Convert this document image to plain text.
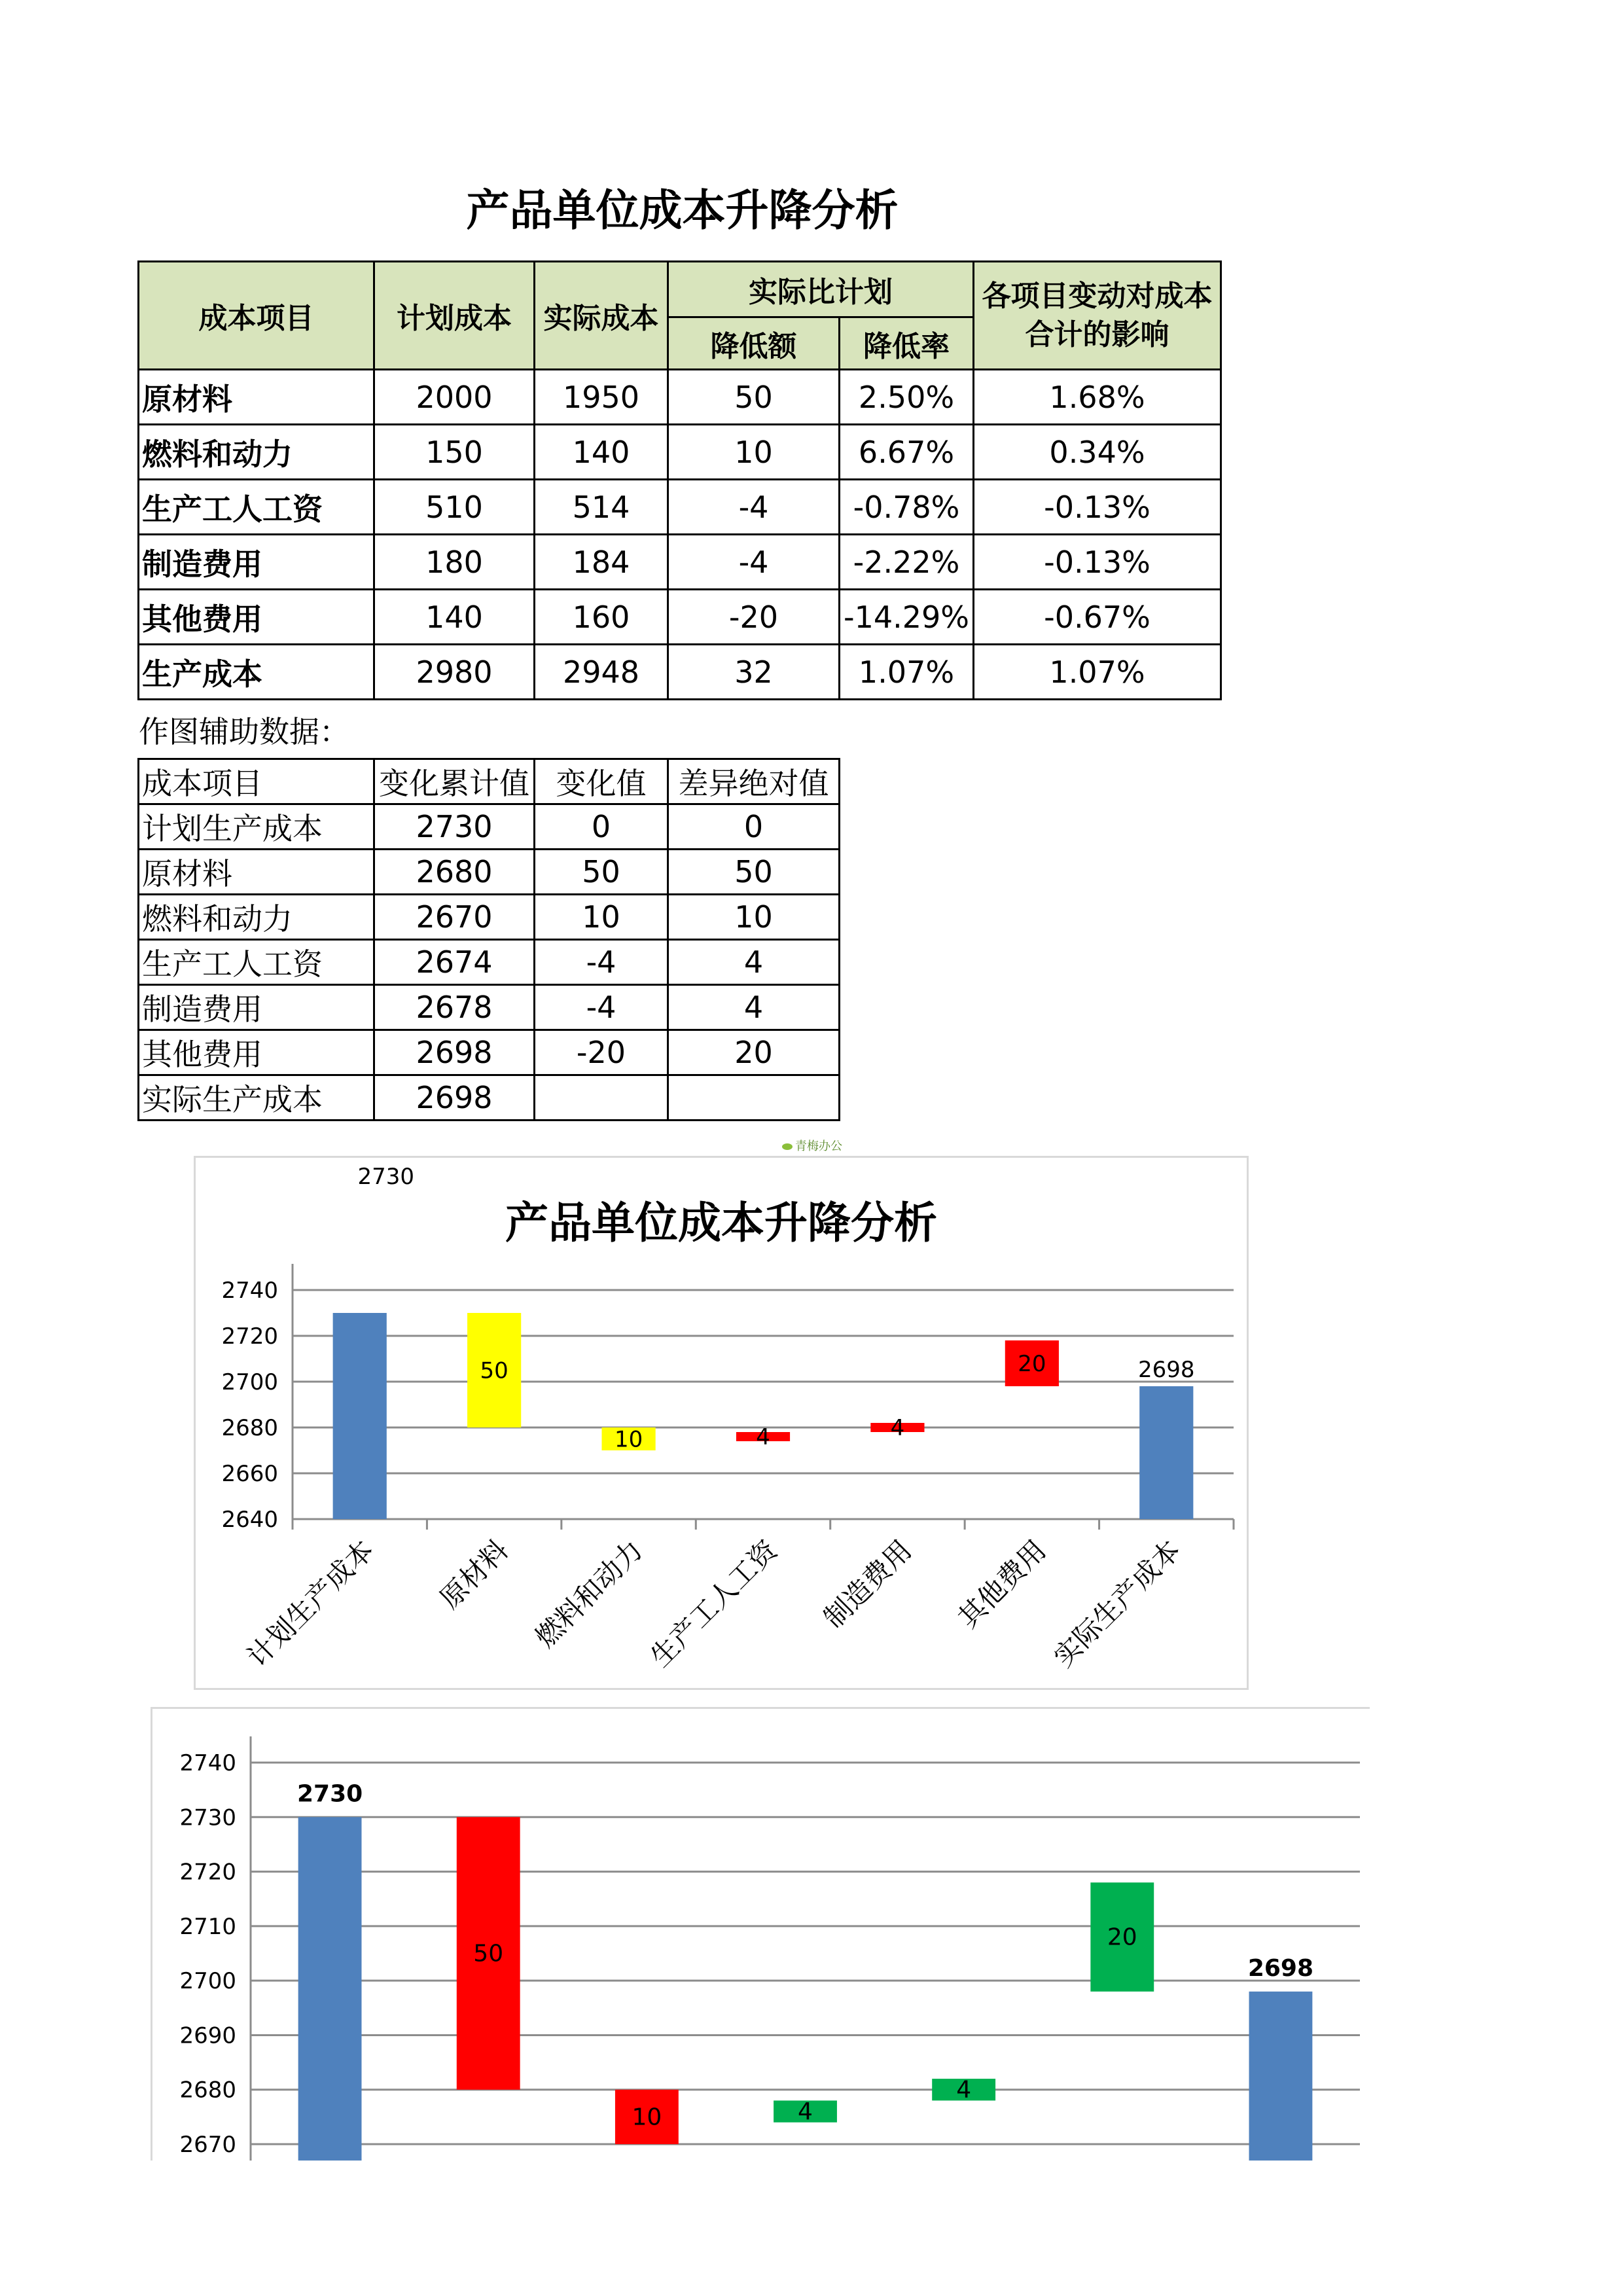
产品单位成本升降分析
成本项目	计划成本	实际成本	实际比计划		各项目变动对成本合计的影响
			降低额	降低率	
原材料	2000	1950	50	2.50%	1.68%
燃料和动力	150	140	10	6.67%	0.34%
生产工人工资	510	514	-4	-0.78%	-0.13%
制造费用	180	184	-4	-2.22%	-0.13%
其他费用	140	160	-20	-14.29%	-0.67%
生产成本	2980	2948	32	1.07%	1.07%
作图辅助数据：
成本项目	变化累计值	变化值	差异绝对值
计划生产成本	2730	0	0
原材料	2680	50	50
燃料和动力	2670	10	10
生产工人工资	2674	-4	4
制造费用	2678	-4	4
其他费用	2698	-20	20
实际生产成本	2698		
青梅办公
产品单位成本升降分析
2740
2720
2700
2680
2660
2640
2730
计划生产成本
50
原材料
10
燃料和动力
4
生产工人工资
4
制造费用
20
其他费用
2698
实际生产成本
2740
2730
2720
2710
2700
2690
2680
2670
2730
50
10	4
4
20
2698
